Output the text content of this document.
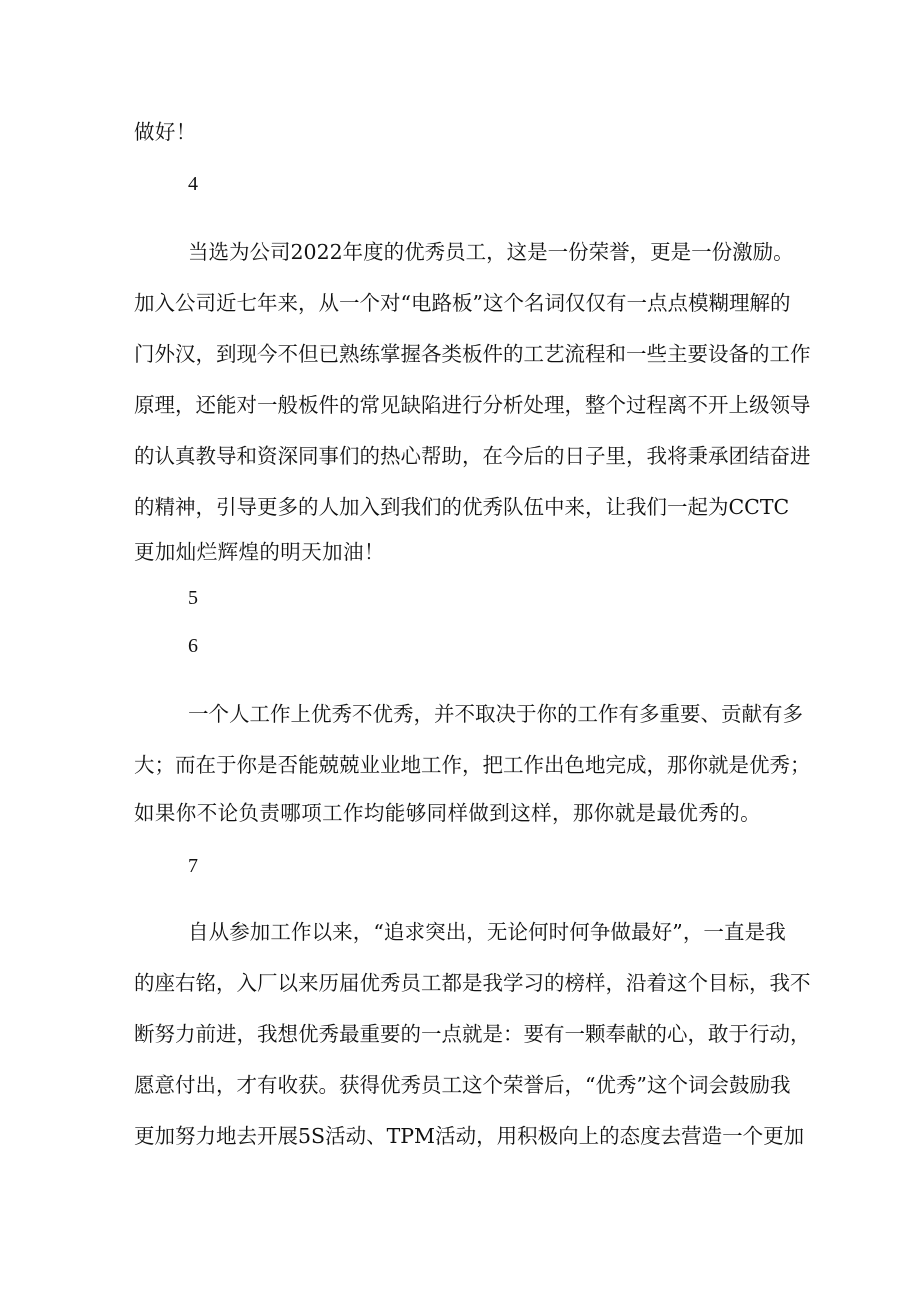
做好！
4
当 选 为 公 司 2022 年 度 的 优 秀 员 工 ， 这 是 一 份 荣 誉 ， 更 是 一 份 激 励 。
加 入 公 司 近 七 年 来 ， 从 一 个 对 “ 电 路 板 ” 这 个 名 词 仅 仅 有 一 点 点 模 糊 理 解 的
门 外 汉 ， 到 现 今 不 但 已 熟 练 掌 握 各 类 板 件 的 工 艺 流 程 和 一 些 主 要 设 备 的 工 作
原 理 ， 还 能 对 一 般 板 件 的 常 见 缺 陷 进 行 分 析 处 理 ， 整 个 过 程 离 不 开 上 级 领 导
的 认 真 教 导 和 资 深 同 事 们 的 热 心 帮 助 ， 在 今 后 的 日 子 里 ， 我 将 秉 承 团 结 奋 进
的 精 神 ， 引 导 更 多 的 人 加 入 到 我 们 的 优 秀 队 伍 中 来 ， 让 我 们 一 起 为 CCTC
更加灿烂辉煌的明天加油！
5
6
一 个 人 工 作 上 优 秀 不 优 秀 ， 并 不 取 决 于 你 的 工 作 有 多 重 要 、 贡 献 有 多
大 ； 而 在 于 你 是 否 能 兢 兢 业 业 地 工 作 ， 把 工 作 出 色 地 完 成 ， 那 你 就 是 优 秀 ；
如果你不论负责哪项工作均能够同样做到这样，那你就是最优秀的。
7
自 从 参 加 工 作 以 来 ， “ 追 求 突 出 ， 无 论 何 时 何 争 做 最 好 ” ， 一 直 是 我
的 座 右 铭 ， 入 厂 以 来 历 届 优 秀 员 工 都 是 我 学 习 的 榜 样 ， 沿 着 这 个 目 标 ， 我 不
断 努 力 前 进 ， 我 想 优 秀 最 重 要 的 一 点 就 是 ： 要 有 一 颗 奉 献 的 心 ， 敢 于 行 动 ，
愿 意 付 出 ， 才 有 收 获 。 获 得 优 秀 员 工 这 个 荣 誉 后 ， “ 优 秀 ” 这 个 词 会 鼓 励 我
更 加 努 力 地 去 开 展 5S 活 动 、 TPM 活 动 ， 用 积 极 向 上 的 态 度 去 营 造 一 个 更 加
